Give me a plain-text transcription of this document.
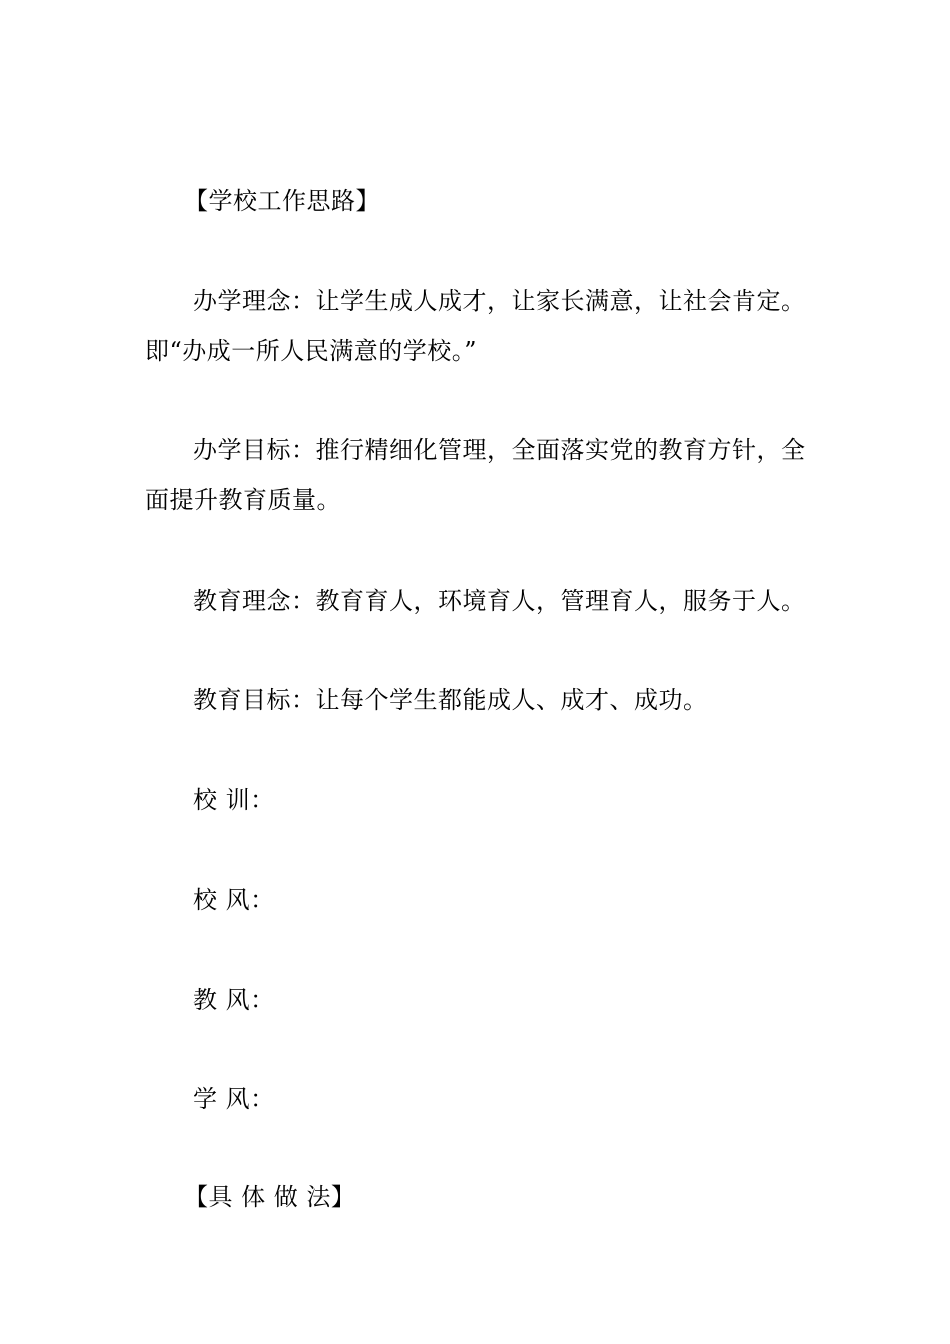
【学校工作思路】
办学理念：让学生成人成才，让家长满意，让社会肯定。
即“办成一所人民满意的学校。”
办学目标：推行精细化管理，全面落实党的教育方针，全
面提升教育质量。
教育理念：教育育人，环境育人，管理育人，服务于人。
教育目标：让每个学生都能成人、成才、成功。
校 训：
校 风：
教 风：
学 风：
【具 体 做 法】
